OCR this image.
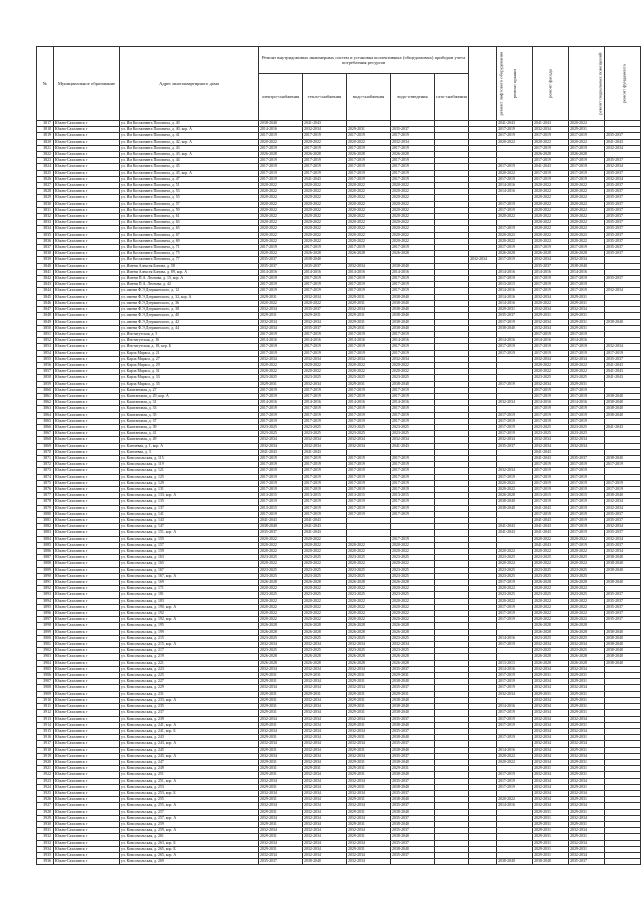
№	Муниципальное образование	Адрес многоквартирного дома	Ремонт внутридомовых инженерных систем и установка коллективных (общедомовых) приборов учета потребления ресурсов					ремонт лифтового оборудования	ремонт крыши	ремонт фасада	ремонт подвальных помещений	ремонт фундамента
			электро-снабжения	тепло-снабжения	водо-снабжения	водо-отведения	газо-снабжения					
3817	Южно-Сахалинск г	ул. Им Космонавта Поповича, д. 40	2038-2040	2041-2043					2041-2043	2041-2043	2020-2022	
3818	Южно-Сахалинск г	ул. Им Космонавта Поповича, д. 40, кор. А	2014-2016	2032-2034	2029-2031	2035-2037			2017-2019	2032-2034	2029-2031	
3819	Южно-Сахалинск г	ул. Им Космонавта Поповича, д. 41	2017-2019	2017-2019	2017-2019	2017-2019			2017-2019	2017-2019	2017-2019	2035-2037
3820	Южно-Сахалинск г	ул. Им Космонавта Поповича, д. 42, кор. А	2020-2022	2020-2022	2020-2022	2032-2034			2020-2022	2020-2022	2020-2022	2041-2043
3821	Южно-Сахалинск г	ул. Им Космонавта Поповича, д. 43	2017-2019	2017-2019	2017-2019	2017-2019				2017-2019	2017-2019	2032-2034
3822	Южно-Сахалинск г	ул. Им Космонавта Поповича, д. 43, кор. А	2026-2028	2026-2028	2026-2028	2026-2028				2026-2028	2026-2028	
3823	Южно-Сахалинск г	ул. Им Космонавта Поповича, д. 44	2017-2019	2017-2019	2017-2019	2017-2019				2017-2019	2017-2019	2035-2037
3824	Южно-Сахалинск г	ул. Им Космонавта Поповича, д. 45	2017-2019	2017-2019	2017-2019	2017-2019			2017-2019	2041-2043	2017-2019	2032-2034
3825	Южно-Сахалинск г	ул. Им Космонавта Поповича, д. 45, кор. А	2017-2019	2017-2019	2017-2019	2017-2019			2020-2022	2017-2019	2017-2019	2035-2037
3826	Южно-Сахалинск г	ул. Им Космонавта Поповича, д. 47	2017-2019	2041-2043	2017-2019	2017-2019			2017-2019	2017-2019	2017-2019	2032-2034
3827	Южно-Сахалинск г	ул. Им Космонавта Поповича, д. 51	2020-2022	2020-2022	2020-2022	2020-2022			2014-2016	2020-2022	2020-2022	2035-2037
3828	Южно-Сахалинск г	ул. Им Космонавта Поповича, д. 53	2020-2022	2020-2022	2020-2022	2020-2022			2014-2016	2020-2022	2020-2022	2035-2037
3829	Южно-Сахалинск г	ул. Им Космонавта Поповича, д. 55	2020-2022	2020-2022	2020-2022	2020-2022				2020-2022	2020-2022	2035-2037
3830	Южно-Сахалинск г	ул. Им Космонавта Поповича, д. 57	2020-2022	2020-2022	2020-2022	2020-2022			2017-2019	2020-2022	2020-2022	2035-2037
3831	Южно-Сахалинск г	ул. Им Космонавта Поповича, д. 59	2020-2022	2020-2022	2020-2022	2020-2022			2017-2019	2020-2022	2020-2022	2035-2037
3832	Южно-Сахалинск г	ул. Им Космонавта Поповича, д. 61	2020-2022	2020-2022	2020-2022	2020-2022			2020-2022	2020-2022	2020-2022	2035-2037
3833	Южно-Сахалинск г	ул. Им Космонавта Поповича, д. 63	2020-2022	2020-2022	2020-2022	2020-2022				2020-2022	2020-2022	2035-2037
3834	Южно-Сахалинск г	ул. Им Космонавта Поповича, д. 65	2020-2022	2020-2022	2020-2022	2020-2022			2017-2019	2020-2022	2020-2022	2035-2037
3835	Южно-Сахалинск г	ул. Им Космонавта Поповича, д. 67	2020-2022	2020-2022	2020-2022	2020-2022			2020-2022	2020-2022	2020-2022	2035-2037
3836	Южно-Сахалинск г	ул. Им Космонавта Поповича, д. 69	2020-2022	2020-2022	2020-2022	2020-2022			2020-2022	2020-2022	2020-2022	2035-2037
3837	Южно-Сахалинск г	ул. Им Космонавта Поповича, д. 71	2017-2019	2017-2019	2017-2019	2017-2019			2017-2019	2017-2019	2017-2019	2035-2037
3838	Южно-Сахалинск г	ул. Им Космонавта Поповича, д. 75	2020-2022	2026-2028	2026-2028	2026-2028			2026-2028	2026-2028	2026-2028	2035-2037
3839	Южно-Сахалинск г	ул. Им Космонавта Поповича, д. 77	2035-2037	2038-2040				2032-2034	2017-2019	2032-2034	2032-2034	
3840	Южно-Сахалинск г	ул. Имени Алексея Бонова, д. 58	2035-2037	2035-2037	2032-2034	2038-2040				2035-2037	2038-2040	
3841	Южно-Сахалинск г	ул. Имени Алексея Бонова, д. 89, кор. А	2014-2016	2014-2016	2014-2016	2014-2016			2014-2016	2014-2016	2014-2016	
3842	Южно-Сахалинск г	ул. Имени П.А. Леонова, д. 15, кор. А	2017-2019	2017-2019	2017-2019	2017-2019			2017-2019	2017-2019	2017-2019	2035-2037
3843	Южно-Сахалинск г	ул. Имени П.А. Леонова, д. 42	2017-2019	2017-2019	2017-2019	2017-2019			2013-2015	2017-2019	2017-2019	
3844	Южно-Сахалинск г	ул. имени Ф.Э.Дзержинского, д. 12	2017-2019	2017-2019	2017-2019	2017-2019			2014-2016	2017-2019	2017-2019	2032-2034
3845	Южно-Сахалинск г	ул. имени Ф.Э.Дзержинского, д. 32, кор. А	2029-2031	2032-2034	2029-2031	2038-2040			2014-2016	2032-2034	2029-2031	
3846	Южно-Сахалинск г	ул. имени Ф.Э.Дзержинского, д. 36	2020-2022	2020-2022	2029-2031	2038-2040			2014-2016	2020-2022	2029-2031	
3847	Южно-Сахалинск г	ул. имени Ф.Э.Дзержинского, д. 38	2032-2034	2035-2037	2032-2034	2038-2040			2029-2031	2032-2034	2032-2034	
3848	Южно-Сахалинск г	ул. имени Ф.Э.Дзержинского, д. 40	2029-2031	2029-2031	2029-2031	2038-2040			2035-2037	2029-2031	2029-2031	
3849	Южно-Сахалинск г	ул. имени Ф.Э.Дзержинского, д. 42	2032-2034	2032-2034	2029-2031	2038-2040			2017-2019	2032-2034	2029-2031	2038-2040
3850	Южно-Сахалинск г	ул. имени Ф.Э.Дзержинского, д. 44	2032-2034	2035-2037	2029-2031	2038-2040			2038-2040	2032-2034	2029-2031	
3851	Южно-Сахалинск г	ул. Институтская, д. 5	2017-2019	2017-2019	2017-2019	2017-2019				2017-2019	2017-2019	
3852	Южно-Сахалинск г	ул. Институтская, д. 16	2014-2016	2014-2016	2014-2016	2014-2016			2014-2016	2014-2016	2014-2016	
3853	Южно-Сахалинск г	ул. Институтская, д. 18, кор. Б	2017-2019	2017-2019	2017-2019	2017-2019			2017-2019	2017-2019	2017-2019	2032-2034
3854	Южно-Сахалинск г	ул. Карла Маркса, д. 21	2017-2019	2017-2019	2017-2019	2017-2019			2017-2019	2017-2019	2017-2019	2017-2019
3855	Южно-Сахалинск г	ул. Карла Маркса, д. 27	2032-2034	2032-2034	2032-2034	2032-2034				2032-2034	2032-2034	2035-2037
3856	Южно-Сахалинск г	ул. Карла Маркса, д. 29	2020-2022	2020-2022	2020-2022	2020-2022				2020-2022	2020-2022	2041-2043
3857	Южно-Сахалинск г	ул. Карла Маркса, д. 31	2020-2022	2020-2022	2020-2022	2020-2022				2020-2022	2020-2022	2041-2043
3858	Южно-Сахалинск г	ул. Карла Маркса, д. 33	2023-2025	2023-2025	2023-2025	2023-2025				2023-2025	2023-2025	2041-2043
3859	Южно-Сахалинск г	ул. Карла Маркса, д. 35	2029-2031	2032-2034	2029-2031	2038-2040			2017-2019	2032-2034	2029-2031	
3860	Южно-Сахалинск г	ул. Каштановая, д. 27	2017-2019	2017-2019	2017-2019	2017-2019				2017-2019	2017-2019	
3861	Южно-Сахалинск г	ул. Каштановая, д. 29, кор. А	2017-2019	2017-2019	2017-2019	2017-2019				2017-2019	2017-2019	2038-2040
3862	Южно-Сахалинск г	ул. Каштановая, д. 31	2014-2016	2014-2016	2014-2016	2014-2016			2032-2034	2014-2016	2014-2016	2038-2040
3863	Южно-Сахалинск г	ул. Каштановая, д. 33	2017-2019	2017-2019	2017-2019	2017-2019				2017-2019	2017-2019	2038-2040
3864	Южно-Сахалинск г	ул. Каштановая, д. 35	2017-2019	2017-2019	2017-2019	2017-2019			2017-2019	2017-2019	2017-2019	2038-2040
3865	Южно-Сахалинск г	ул. Каштановая, д. 37	2017-2019	2017-2019	2017-2019	2017-2019			2017-2019	2017-2019	2017-2019	
3866	Южно-Сахалинск г	ул. Каштановая, д. 39	2023-2025	2023-2025	2023-2025	2023-2025			2017-2019	2023-2025	2023-2025	2041-2043
3867	Южно-Сахалинск г	ул. Каштановая, д. 41	2023-2025	2023-2025	2023-2025	2023-2025			2017-2019	2023-2025	2023-2025	
3868	Южно-Сахалинск г	ул. Каштановая, д. 49	2032-2034	2032-2034	2032-2034	2032-2034			2032-2034	2032-2034	2032-2034	
3869	Южно-Сахалинск г	ул. Ключевая, д. 1, кор. А	2032-2034	2032-2034	2032-2034	2041-2043			2035-2037	2032-2034	2032-2034	
3870	Южно-Сахалинск г	ул. Ключевая, д. 3	2041-2043	2041-2043						2041-2043		
3871	Южно-Сахалинск г	ул. Комсомольская, д. 115	2017-2019	2017-2019	2017-2019	2017-2019				2041-2043	2035-2037	2038-2040
3872	Южно-Сахалинск г	ул. Комсомольская, д. 119	2017-2019	2017-2019	2017-2019	2017-2019				2017-2019	2017-2019	2017-2019
3873	Южно-Сахалинск г	ул. Комсомольская, д. 121	2017-2019	2017-2019	2017-2019	2017-2019			2032-2034	2017-2019	2017-2019	
3874	Южно-Сахалинск г	ул. Комсомольская, д. 125	2017-2019	2017-2019	2017-2019	2017-2019			2017-2019	2017-2019	2017-2019	
3875	Южно-Сахалинск г	ул. Комсомольская, д. 129	2017-2019	2017-2019	2017-2019	2017-2019			2020-2022	2017-2019	2017-2019	2017-2019
3876	Южно-Сахалинск г	ул. Комсомольская, д. 131	2017-2019	2017-2019	2017-2019	2017-2019			2020-2022	2017-2019	2017-2019	2017-2019
3877	Южно-Сахалинск г	ул. Комсомольская, д. 133, кор. А	2013-2015	2013-2015	2013-2015	2013-2015			2026-2028	2013-2015	2013-2015	2038-2040
3878	Южно-Сахалинск г	ул. Комсомольская, д. 135	2017-2019	2017-2019	2017-2019	2017-2019			2038-2040	2017-2019	2017-2019	2032-2034
3879	Южно-Сахалинск г	ул. Комсомольская, д. 137	2013-2015	2017-2019	2017-2019	2017-2019			2038-2040	2041-2043	2017-2019	2032-2034
3880	Южно-Сахалинск г	ул. Комсомольская, д. 141	2017-2019	2017-2019	2017-2019	2017-2019				2017-2019	2017-2019	2035-2037
3881	Южно-Сахалинск г	ул. Комсомольская, д. 143	2041-2043	2041-2043						2041-2043	2017-2019	2035-2037
3882	Южно-Сахалинск г	ул. Комсомольская, д. 147	2038-2040	2041-2043					2041-2043	2041-2043	2017-2019	2032-2034
3883	Южно-Сахалинск г	ул. Комсомольская, д. 151, кор. А	2035-2037	2041-2043					2041-2043	2041-2043	2017-2019	2035-2037
3884	Южно-Сахалинск г	ул. Комсомольская, д. 155	2020-2022	2020-2022		2017-2019				2020-2022	2020-2022	2032-2034
3885	Южно-Сахалинск г	ул. Комсомольская, д. 157	2020-2022	2020-2022	2020-2022	2020-2022				2041-2043	2017-2019	2035-2037
3886	Южно-Сахалинск г	ул. Комсомольская, д. 159	2020-2022	2020-2022	2020-2022	2020-2022			2020-2022	2020-2022	2020-2022	2032-2034
3887	Южно-Сахалинск г	ул. Комсомольская, д. 163	2023-2025	2023-2025	2023-2025	2023-2025			2023-2025	2023-2025	2023-2025	2038-2040
3888	Южно-Сахалинск г	ул. Комсомольская, д. 165	2020-2022	2020-2022	2020-2022	2020-2022			2020-2022	2020-2022	2020-2022	2038-2040
3889	Южно-Сахалинск г	ул. Комсомольская, д. 167	2023-2025	2023-2025	2023-2025	2023-2025			2023-2025	2023-2025	2023-2025	2038-2040
3890	Южно-Сахалинск г	ул. Комсомольская, д. 167, кор. А	2023-2025	2023-2025	2023-2025	2023-2025			2023-2025	2023-2025	2023-2025	
3891	Южно-Сахалинск г	ул. Комсомольская, д. 169	2026-2028	2026-2028	2026-2028	2026-2028			2017-2019	2026-2028	2026-2028	2038-2040
3892	Южно-Сахалинск г	ул. Комсомольская, д. 171	2020-2022	2020-2022	2020-2022	2020-2022			2020-2022	2020-2022	2020-2022	
3893	Южно-Сахалинск г	ул. Комсомольская, д. 181	2023-2025	2023-2025	2023-2025	2023-2025			2023-2025	2023-2025	2023-2025	2035-2037
3894	Южно-Сахалинск г	ул. Комсомольская, д. 183	2020-2022	2020-2022	2020-2022	2020-2022			2020-2022	2020-2022	2020-2022	2035-2037
3895	Южно-Сахалинск г	ул. Комсомольская, д. 190, кор. А	2020-2022	2020-2022	2020-2022	2020-2022			2017-2019	2020-2022	2020-2022	2035-2037
3896	Южно-Сахалинск г	ул. Комсомольская, д. 192	2020-2022	2020-2022	2020-2022	2020-2022			2017-2019	2020-2022	2020-2022	2035-2037
3897	Южно-Сахалинск г	ул. Комсомольская, д. 192, кор. А	2020-2022	2020-2022	2020-2022	2020-2022			2017-2019	2020-2022	2020-2022	2035-2037
3898	Южно-Сахалинск г	ул. Комсомольская, д. 195	2026-2028	2026-2028	2026-2028	2026-2028				2026-2028	2026-2028	
3899	Южно-Сахалинск г	ул. Комсомольская, д. 199	2026-2028	2026-2028	2026-2028	2026-2028				2026-2028	2026-2028	2038-2040
3900	Южно-Сахалинск г	ул. Комсомольская, д. 215	2023-2025	2023-2025	2023-2025	2023-2025			2014-2016	2023-2025	2023-2025	2038-2040
3901	Южно-Сахалинск г	ул. Комсомольская, д. 215, кор. А	2032-2034	2032-2034	2032-2034	2032-2034			2017-2019	2032-2034	2032-2034	2038-2040
3902	Южно-Сахалинск г	ул. Комсомольская, д. 217	2023-2025	2023-2025	2023-2025	2023-2025				2023-2025	2023-2025	2038-2040
3903	Южно-Сахалинск г	ул. Комсомольская, д. 219	2026-2028	2026-2028	2026-2028	2026-2028				2026-2028	2026-2028	2038-2040
3904	Южно-Сахалинск г	ул. Комсомольская, д. 221	2026-2028	2026-2028	2026-2028	2026-2028			2013-2015	2026-2028	2026-2028	2038-2040
3905	Южно-Сахалинск г	ул. Комсомольская, д. 223	2032-2034	2032-2034	2032-2034	2035-2037			2014-2016	2032-2034	2032-2034	
3906	Южно-Сахалинск г	ул. Комсомольская, д. 225	2029-2031	2029-2031	2029-2031	2029-2031			2017-2019	2029-2031	2029-2031	
3907	Южно-Сахалинск г	ул. Комсомольская, д. 227	2029-2031	2032-2034	2029-2031	2038-2040			2017-2019	2032-2034	2029-2031	
3908	Южно-Сахалинск г	ул. Комсомольская, д. 229	2032-2034	2032-2034	2032-2034	2035-2037			2017-2019	2032-2034	2032-2034	
3909	Южно-Сахалинск г	ул. Комсомольская, д. 231	2029-2031	2029-2031	2029-2031	2029-2031			2032-2034	2029-2031	2029-2031	
3910	Южно-Сахалинск г	ул. Комсомольская, д. 233, кор. А	2029-2031	2032-2034	2029-2031	2038-2040				2032-2034	2029-2031	
3911	Южно-Сахалинск г	ул. Комсомольская, д. 235	2029-2031	2032-2034	2029-2031	2038-2040			2014-2016	2032-2034	2029-2031	
3912	Южно-Сахалинск г	ул. Комсомольская, д. 237	2029-2031	2032-2034	2029-2031	2038-2040			2017-2019	2032-2034	2029-2031	
3913	Южно-Сахалинск г	ул. Комсомольская, д. 239	2032-2034	2032-2034	2032-2034	2035-2037			2017-2019	2032-2034	2032-2034	
3914	Южно-Сахалинск г	ул. Комсомольская, д. 241, кор. А	2029-2031	2032-2034	2029-2031	2038-2040			2017-2019	2032-2034	2029-2031	
3915	Южно-Сахалинск г	ул. Комсомольская, д. 241, кор. Б	2032-2034	2032-2034	2032-2034	2035-2037				2032-2034	2032-2034	
3916	Южно-Сахалинск г	ул. Комсомольская, д. 243	2029-2031	2032-2034	2029-2031	2038-2040			2017-2019	2032-2034	2029-2031	
3917	Южно-Сахалинск г	ул. Комсомольская, д. 243, кор. А	2032-2034	2032-2034	2032-2034	2035-2037				2032-2034	2032-2034	
3918	Южно-Сахалинск г	ул. Комсомольская, д. 245	2029-2031	2032-2034	2029-2031	2038-2040			2014-2016	2032-2034	2029-2031	
3919	Южно-Сахалинск г	ул. Комсомольская, д. 245, кор. А	2032-2034	2032-2034	2032-2034	2035-2037			2020-2022	2032-2034	2032-2034	
3920	Южно-Сахалинск г	ул. Комсомольская, д. 247	2029-2031	2032-2034	2029-2031	2038-2040			2020-2022	2032-2034	2029-2031	
3921	Южно-Сахалинск г	ул. Комсомольская, д. 249	2029-2031	2029-2031	2029-2031	2029-2031				2029-2031	2029-2031	
3922	Южно-Сахалинск г	ул. Комсомольская, д. 251	2029-2031	2032-2034	2029-2031	2038-2040			2017-2019	2032-2034	2029-2031	
3923	Южно-Сахалинск г	ул. Комсомольская, д. 251, кор. А	2032-2034	2032-2034	2032-2034	2035-2037			2017-2019	2032-2034	2032-2034	
3924	Южно-Сахалинск г	ул. Комсомольская, д. 253	2029-2031	2032-2034	2029-2031	2038-2040			2017-2019	2032-2034	2029-2031	
3925	Южно-Сахалинск г	ул. Комсомольская, д. 253, кор. Б	2032-2034	2032-2034	2032-2034	2035-2037				2032-2034	2032-2034	
3926	Южно-Сахалинск г	ул. Комсомольская, д. 255	2029-2031	2032-2034	2029-2031	2038-2040			2020-2022	2032-2034	2029-2031	
3927	Южно-Сахалинск г	ул. Комсомольская, д. 255, кор. А	2032-2034	2032-2034	2032-2034	2035-2037			2014-2016	2032-2034	2032-2034	
3928	Южно-Сахалинск г	ул. Комсомольская, д. 257	2029-2031	2032-2034	2029-2031	2038-2040				2029-2031	2029-2031	
3929	Южно-Сахалинск г	ул. Комсомольская, д. 257, кор. А	2032-2034	2032-2034	2032-2034	2035-2037				2029-2031	2032-2034	
3930	Южно-Сахалинск г	ул. Комсомольская, д. 259	2029-2031	2032-2034	2029-2031	2038-2040				2029-2031	2029-2031	
3931	Южно-Сахалинск г	ул. Комсомольская, д. 259, кор. А	2032-2034	2032-2034	2032-2034	2035-2037				2029-2031	2032-2034	
3932	Южно-Сахалинск г	ул. Комсомольская, д. 261	2029-2031	2032-2034	2029-2031	2038-2040				2029-2031	2029-2031	
3933	Южно-Сахалинск г	ул. Комсомольская, д. 263, кор. Б	2032-2034	2032-2034	2032-2034	2035-2037				2029-2031	2032-2034	
3934	Южно-Сахалинск г	ул. Комсомольская, д. 265, кор. Б	2029-2031	2032-2034	2029-2031	2038-2040				2029-2031	2029-2031	
3935	Южно-Сахалинск г	ул. Комсомольская, д. 265, кор. А	2032-2034	2032-2034	2032-2034	2035-2037				2029-2031	2032-2034	
3936	Южно-Сахалинск г	ул. Комсомольская, д. 269	2035-2037	2038-2040	2032-2034				2038-2040	2038-2040	2035-2037	
